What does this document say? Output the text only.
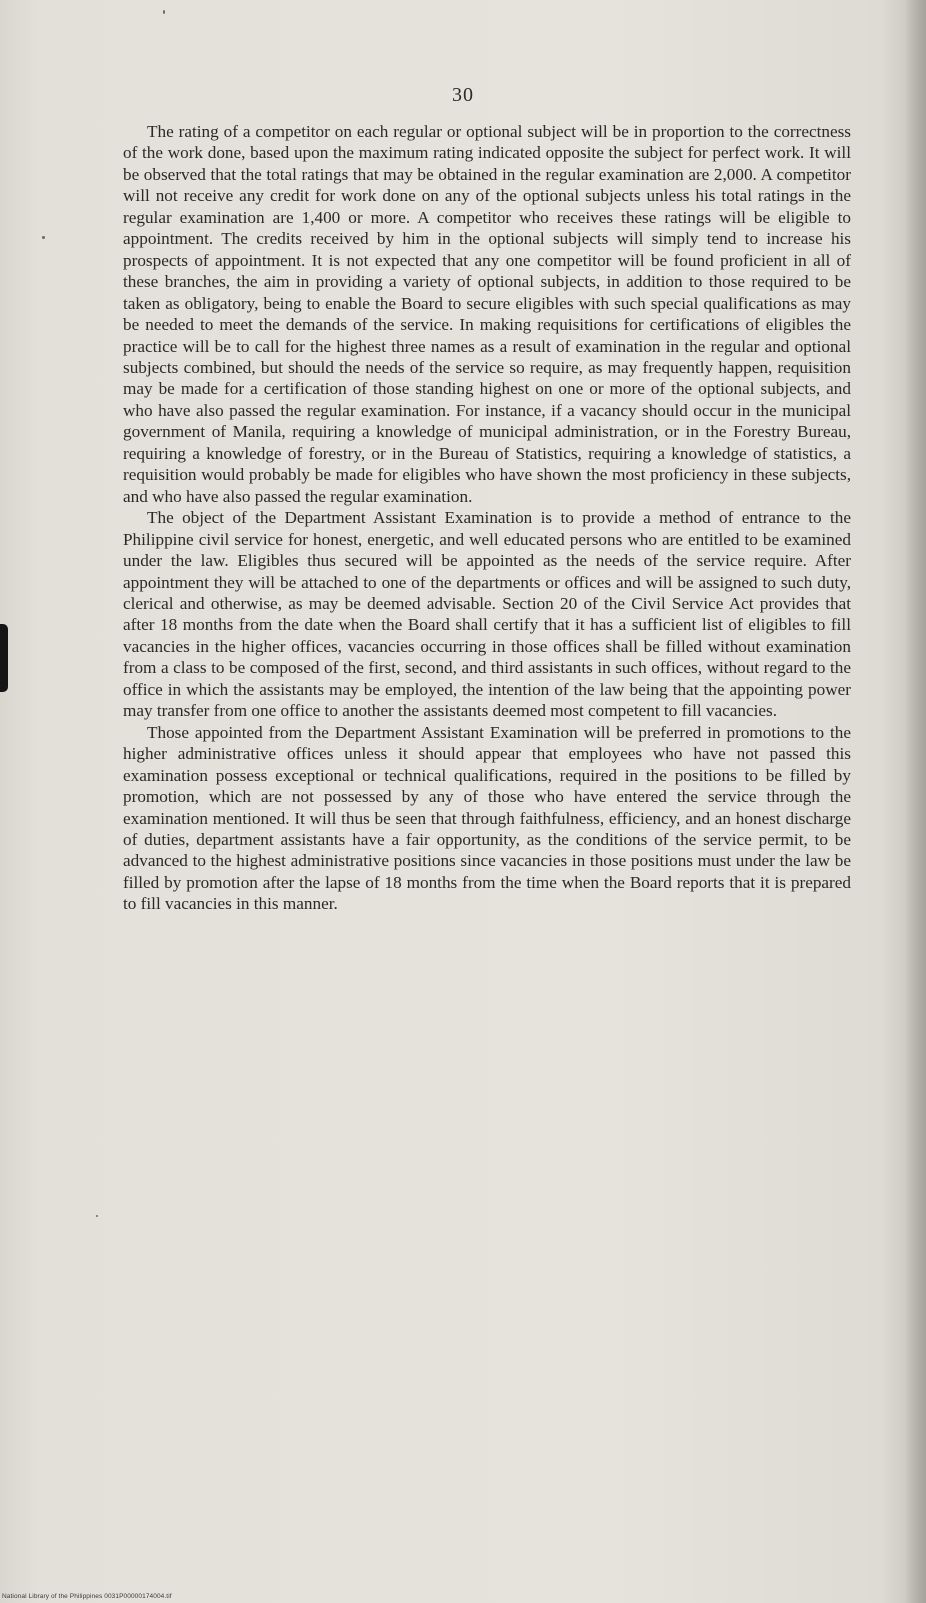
30

The rating of a competitor on each regular or optional subject will be in proportion to the correctness of the work done, based upon the maximum rating indicated opposite the subject for perfect work. It will be observed that the total ratings that may be obtained in the regular examination are 2,000. A competitor will not receive any credit for work done on any of the optional subjects unless his total ratings in the regular examination are 1,400 or more. A competitor who receives these ratings will be eligible to appointment. The credits received by him in the optional subjects will simply tend to increase his prospects of appointment. It is not expected that any one competitor will be found proficient in all of these branches, the aim in providing a variety of optional subjects, in addition to those required to be taken as obligatory, being to enable the Board to secure eligibles with such special qualifications as may be needed to meet the demands of the service. In making requisitions for certifications of eligibles the practice will be to call for the highest three names as a result of examination in the regular and optional subjects combined, but should the needs of the service so require, as may frequently happen, requisition may be made for a certification of those standing highest on one or more of the optional subjects, and who have also passed the regular examination. For instance, if a vacancy should occur in the municipal government of Manila, requiring a knowledge of municipal administration, or in the Forestry Bureau, requiring a knowledge of forestry, or in the Bureau of Statistics, requiring a knowledge of statistics, a requisition would probably be made for eligibles who have shown the most proficiency in these subjects, and who have also passed the regular examination.

The object of the Department Assistant Examination is to provide a method of entrance to the Philippine civil service for honest, energetic, and well educated persons who are entitled to be examined under the law. Eligibles thus secured will be appointed as the needs of the service require. After appointment they will be attached to one of the departments or offices and will be assigned to such duty, clerical and otherwise, as may be deemed advisable. Section 20 of the Civil Service Act provides that after 18 months from the date when the Board shall certify that it has a sufficient list of eligibles to fill vacancies in the higher offices, vacancies occurring in those offices shall be filled without examination from a class to be composed of the first, second, and third assistants in such offices, without regard to the office in which the assistants may be employed, the intention of the law being that the appointing power may transfer from one office to another the assistants deemed most competent to fill vacancies.

Those appointed from the Department Assistant Examination will be preferred in promotions to the higher administrative offices unless it should appear that employees who have not passed this examination possess exceptional or technical qualifications, required in the positions to be filled by promotion, which are not possessed by any of those who have entered the service through the examination mentioned. It will thus be seen that through faithfulness, efficiency, and an honest discharge of duties, department assistants have a fair opportunity, as the conditions of the service permit, to be advanced to the highest administrative positions since vacancies in those positions must under the law be filled by promotion after the lapse of 18 months from the time when the Board reports that it is prepared to fill vacancies in this manner.

National Library of the Philippines 0031P00000174004.tif
